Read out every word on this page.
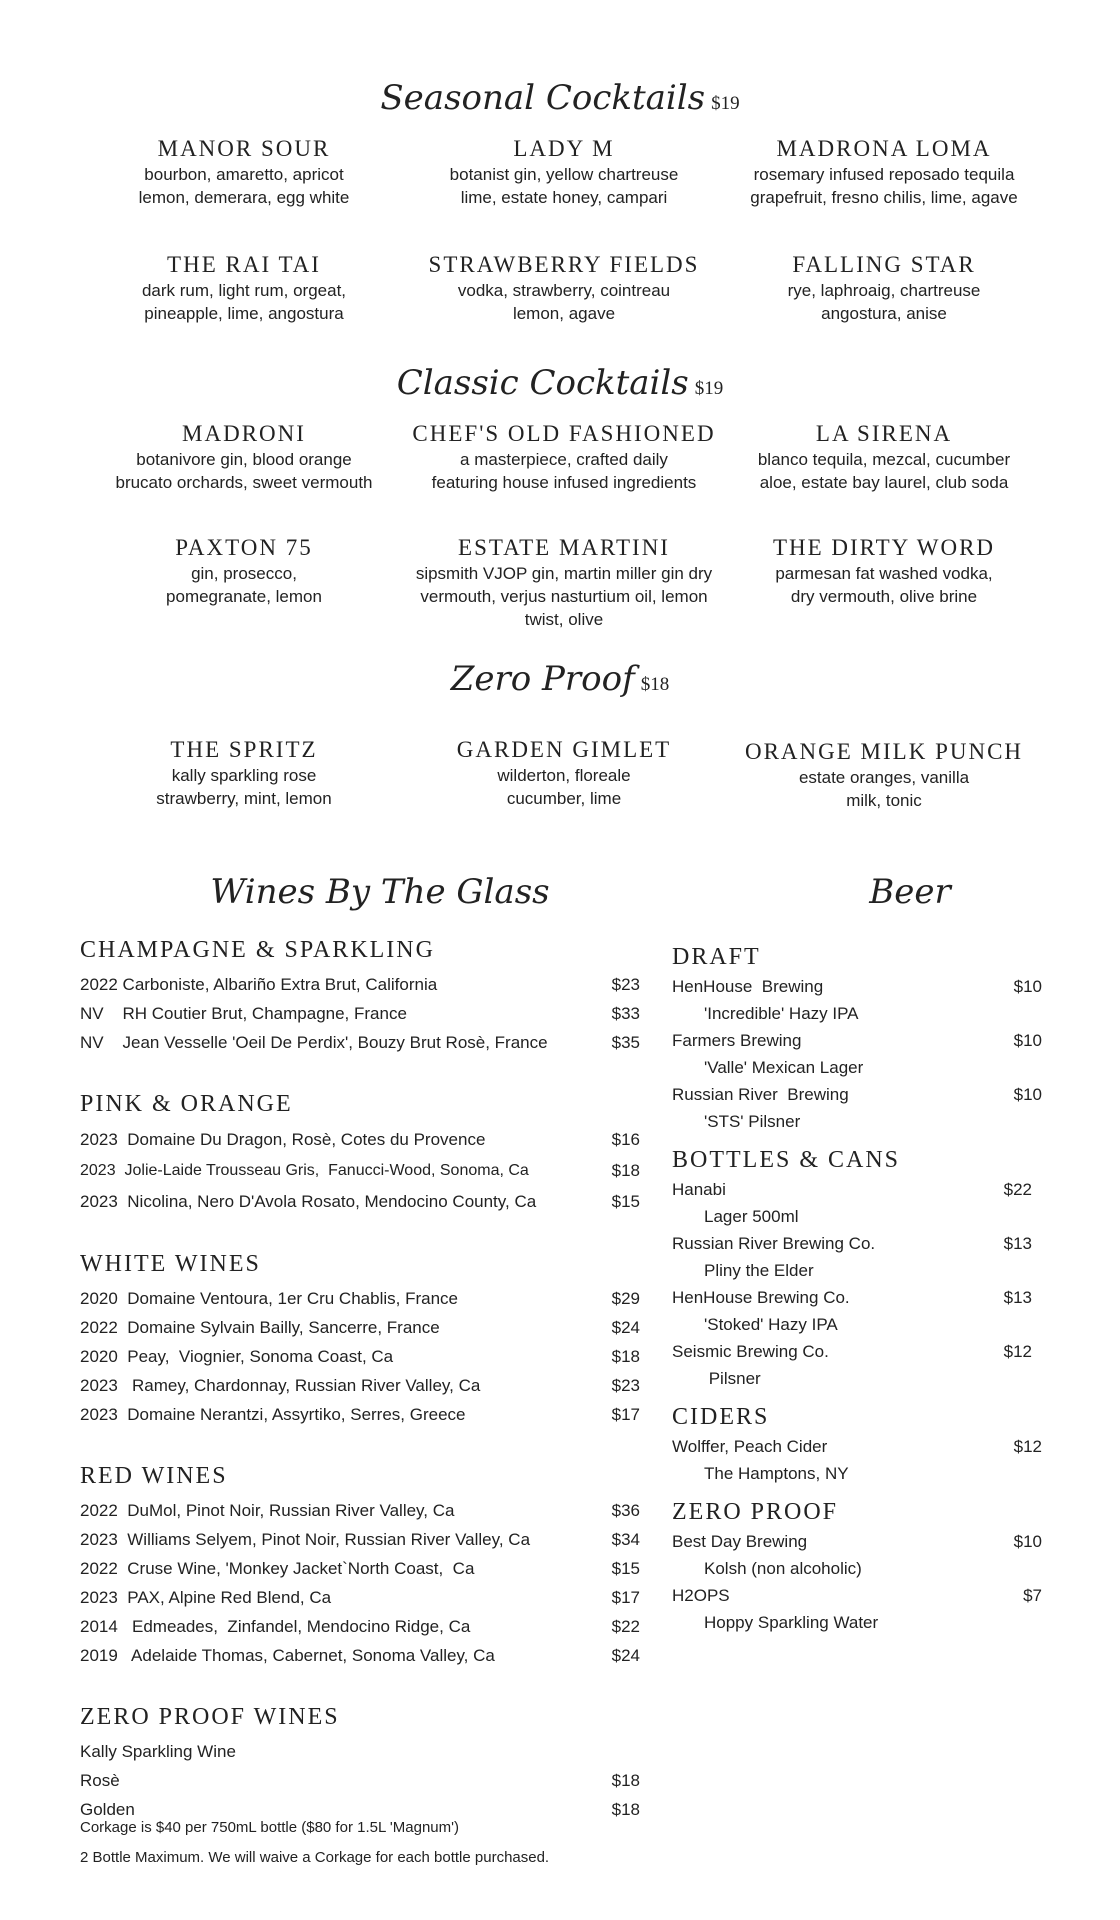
Seasonal Cocktails $19
MANOR SOUR
bourbon, amaretto, apricot
lemon, demerara, egg white
LADY M
botanist gin, yellow chartreuse
lime, estate honey, campari
MADRONA LOMA
rosemary infused reposado tequila
grapefruit, fresno chilis, lime, agave
THE RAI TAI
dark rum, light rum, orgeat,
pineapple, lime, angostura
STRAWBERRY FIELDS
vodka, strawberry, cointreau
lemon, agave
FALLING STAR
rye, laphroaig, chartreuse
angostura, anise
Classic Cocktails $19
MADRONI
botanivore gin, blood orange
brucato orchards, sweet vermouth
CHEF'S OLD FASHIONED
a masterpiece, crafted daily
featuring house infused ingredients
LA SIRENA
blanco tequila, mezcal, cucumber
aloe, estate bay laurel, club soda
PAXTON 75
gin, prosecco,
pomegranate, lemon
ESTATE MARTINI
sipsmith VJOP gin, martin miller gin dry
vermouth, verjus nasturtium oil, lemon
twist, olive
THE DIRTY WORD
parmesan fat washed vodka,
dry vermouth, olive brine
Zero Proof $18
THE SPRITZ
kally sparkling rose
strawberry, mint, lemon
GARDEN GIMLET
wilderton, floreale
cucumber, lime
ORANGE MILK PUNCH
estate oranges, vanilla
milk, tonic
Wines By The Glass	Beer
CHAMPAGNE & SPARKLING
2022 Carboniste, Albariño Extra Brut, California	$23
NV    RH Coutier Brut, Champagne, France	$33
NV    Jean Vesselle 'Oeil De Perdix', Bouzy Brut Rosè, France	$35
PINK & ORANGE
2023  Domaine Du Dragon, Rosè, Cotes du Provence	$16
2023  Jolie-Laide Trousseau Gris,  Fanucci-Wood, Sonoma, Ca	$18
2023  Nicolina, Nero D'Avola Rosato, Mendocino County, Ca	$15
WHITE WINES
2020  Domaine Ventoura, 1er Cru Chablis, France	$29
2022  Domaine Sylvain Bailly, Sancerre, France	$24
2020  Peay,  Viognier, Sonoma Coast, Ca	$18
2023   Ramey, Chardonnay, Russian River Valley, Ca	$23
2023  Domaine Nerantzi, Assyrtiko, Serres, Greece	$17
RED WINES
2022  DuMol, Pinot Noir, Russian River Valley, Ca	$36
2023  Williams Selyem, Pinot Noir, Russian River Valley, Ca	$34
2022  Cruse Wine, 'Monkey Jacket`North Coast,  Ca	$15
2023  PAX, Alpine Red Blend, Ca	$17
2014   Edmeades,  Zinfandel, Mendocino Ridge, Ca	$22
2019   Adelaide Thomas, Cabernet, Sonoma Valley, Ca	$24
ZERO PROOF WINES
Kally Sparkling Wine
Rosè	$18
Golden	$18
DRAFT
HenHouse  Brewing	$10
'Incredible' Hazy IPA
Farmers Brewing	$10
'Valle' Mexican Lager
Russian River  Brewing	$10
'STS' Pilsner
BOTTLES & CANS
Hanabi	$22
Lager 500ml
Russian River Brewing Co.	$13
Pliny the Elder
HenHouse Brewing Co.	$13
'Stoked' Hazy IPA
Seismic Brewing Co.	$12
Pilsner
CIDERS
Wolffer, Peach Cider	$12
The Hamptons, NY
ZERO PROOF
Best Day Brewing	$10
Kolsh (non alcoholic)
H2OPS	$7
Hoppy Sparkling Water
Corkage is $40 per 750mL bottle ($80 for 1.5L 'Magnum')
2 Bottle Maximum. We will waive a Corkage for each bottle purchased.
